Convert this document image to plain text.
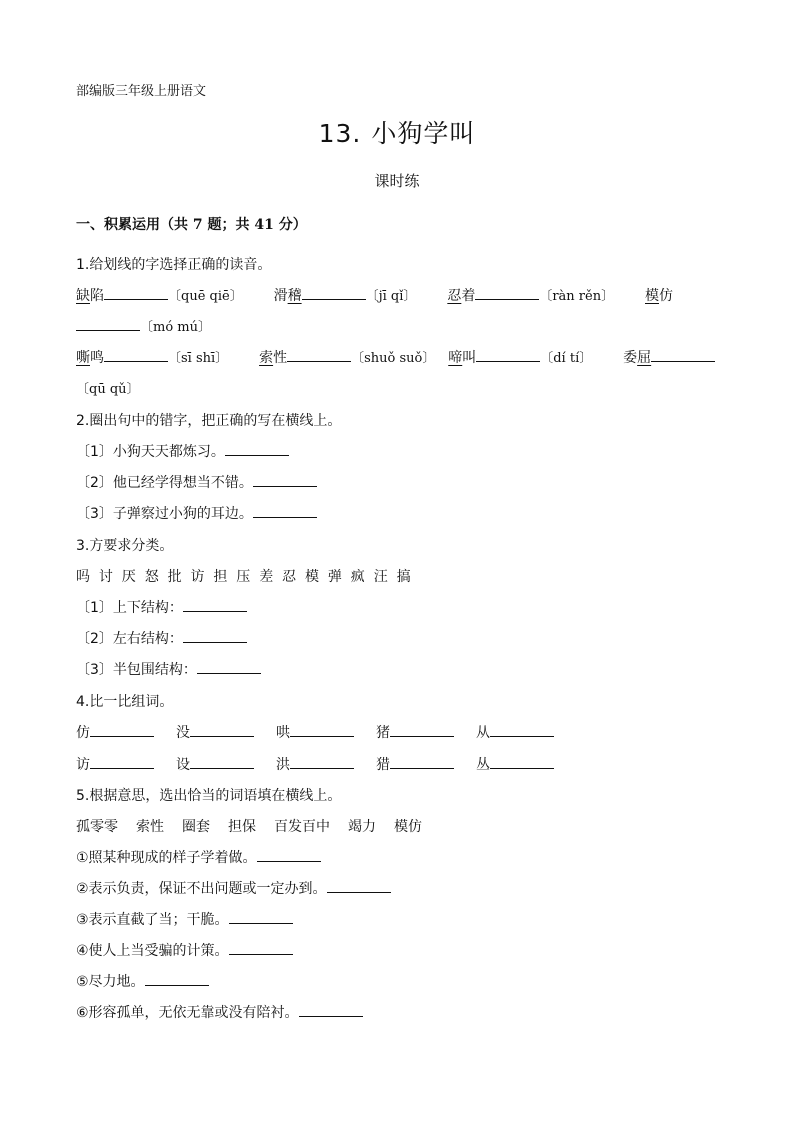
部编版三年级上册语文
13. 小狗学叫
课时练
一、积累运用（共 7 题；共 41 分）
1.给划线的字选择正确的读音。
缺陷	〔quē qiē〕 滑稽	〔jī qǐ〕 忍着	〔ràn rěn〕 模仿
〔mó mú〕
嘶鸣	〔sī shī〕 索性	〔shuǒ suǒ〕 啼叫	〔dí tí〕 委屈
〔qū qǔ〕
2.圈出句中的错字，把正确的写在横线上。
〔1〕小狗天天都炼习。
〔2〕他已经学得想当不错。
〔3〕子弹察过小狗的耳边。
3.方要求分类。
吗  讨  厌  怒  批  访  担  压  差  忍  模  弹  疯  汪  搞
〔1〕上下结构：
〔2〕左右结构：
〔3〕半包围结构：
4.比一比组词。
仿	没	哄	猪	从
访	设	洪	猎	丛
5.根据意思，选出恰当的词语填在横线上。
孤零零 索性 圈套 担保 百发百中 竭力 模仿
①照某种现成的样子学着做。
②表示负责，保证不出问题或一定办到。
③表示直截了当；干脆。
④使人上当受骗的计策。
⑤尽力地。
⑥形容孤单，无依无靠或没有陪衬。
